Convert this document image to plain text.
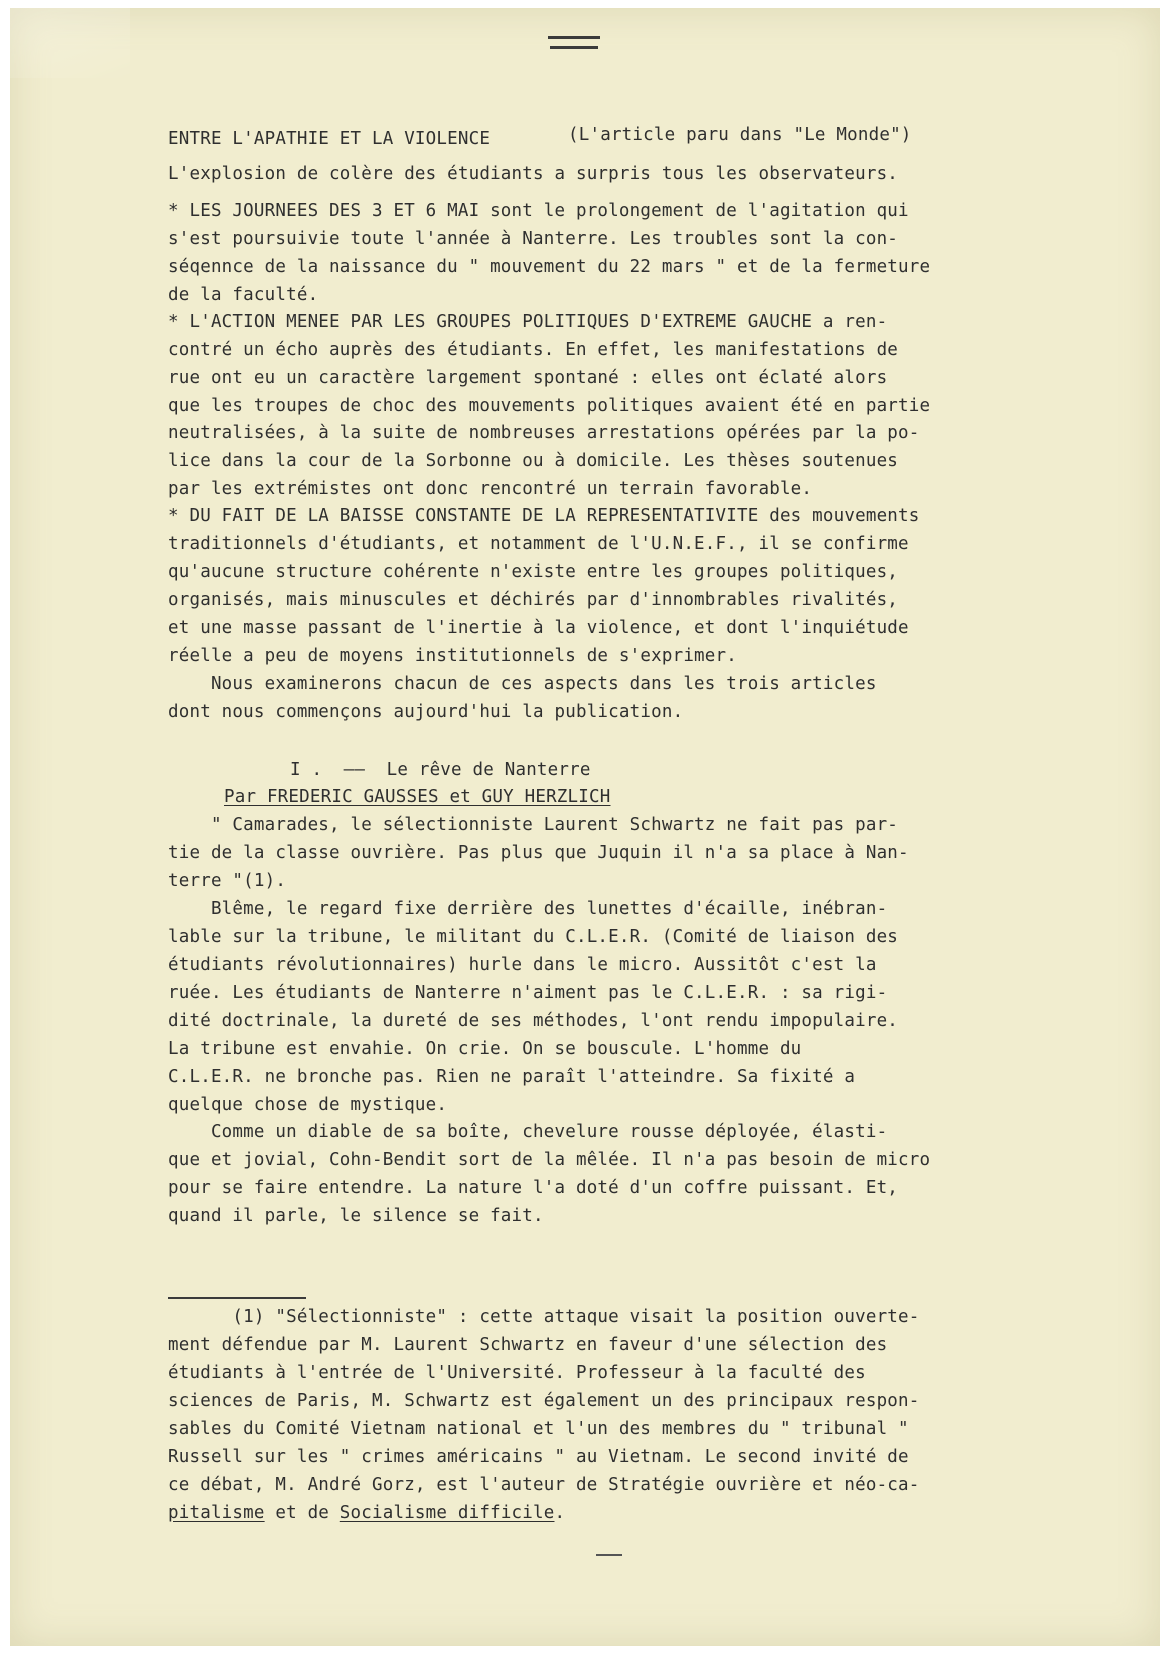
ENTRE L'APATHIE ET LA VIOLENCE	(L'article paru dans "Le Monde")
L'explosion de colère des étudiants a surpris tous les observateurs.
* LES JOURNEES DES 3 ET 6 MAI sont le prolongement de l'agitation qui
s'est poursuivie toute l'année à Nanterre. Les troubles sont la con-
séqennce de la naissance du " mouvement du 22 mars " et de la fermeture
de la faculté.
* L'ACTION MENEE PAR LES GROUPES POLITIQUES D'EXTREME GAUCHE a ren-
contré un écho auprès des étudiants. En effet, les manifestations de
rue ont eu un caractère largement spontané : elles ont éclaté alors
que les troupes de choc des mouvements politiques avaient été en partie
neutralisées, à la suite de nombreuses arrestations opérées par la po-
lice dans la cour de la Sorbonne ou à domicile. Les thèses soutenues
par les extrémistes ont donc rencontré un terrain favorable.
* DU FAIT DE LA BAISSE CONSTANTE DE LA REPRESENTATIVITE des mouvements
traditionnels d'étudiants, et notamment de l'U.N.E.F., il se confirme
qu'aucune structure cohérente n'existe entre les groupes politiques,
organisés, mais minuscules et déchirés par d'innombrables rivalités,
et une masse passant de l'inertie à la violence, et dont l'inquiétude
réelle a peu de moyens institutionnels de s'exprimer.
Nous examinerons chacun de ces aspects dans les trois articles
dont nous commençons aujourd'hui la publication.
I .  ——  Le rêve de Nanterre
Par FREDERIC GAUSSES et GUY HERZLICH
" Camarades, le sélectionniste Laurent Schwartz ne fait pas par-
tie de la classe ouvrière. Pas plus que Juquin il n'a sa place à Nan-
terre "(1).
Blême, le regard fixe derrière des lunettes d'écaille, inébran-
lable sur la tribune, le militant du C.L.E.R. (Comité de liaison des
étudiants révolutionnaires) hurle dans le micro. Aussitôt c'est la
ruée. Les étudiants de Nanterre n'aiment pas le C.L.E.R. : sa rigi-
dité doctrinale, la dureté de ses méthodes, l'ont rendu impopulaire.
La tribune est envahie. On crie. On se bouscule. L'homme du
C.L.E.R. ne bronche pas. Rien ne paraît l'atteindre. Sa fixité a
quelque chose de mystique.
Comme un diable de sa boîte, chevelure rousse déployée, élasti-
que et jovial, Cohn-Bendit sort de la mêlée. Il n'a pas besoin de micro
pour se faire entendre. La nature l'a doté d'un coffre puissant. Et,
quand il parle, le silence se fait.
(1) "Sélectionniste" : cette attaque visait la position ouverte-
ment défendue par M. Laurent Schwartz en faveur d'une sélection des
étudiants à l'entrée de l'Université. Professeur à la faculté des
sciences de Paris, M. Schwartz est également un des principaux respon-
sables du Comité Vietnam national et l'un des membres du " tribunal "
Russell sur les " crimes américains " au Vietnam. Le second invité de
ce débat, M. André Gorz, est l'auteur de Stratégie ouvrière et néo-ca-
pitalisme et de Socialisme difficile.
